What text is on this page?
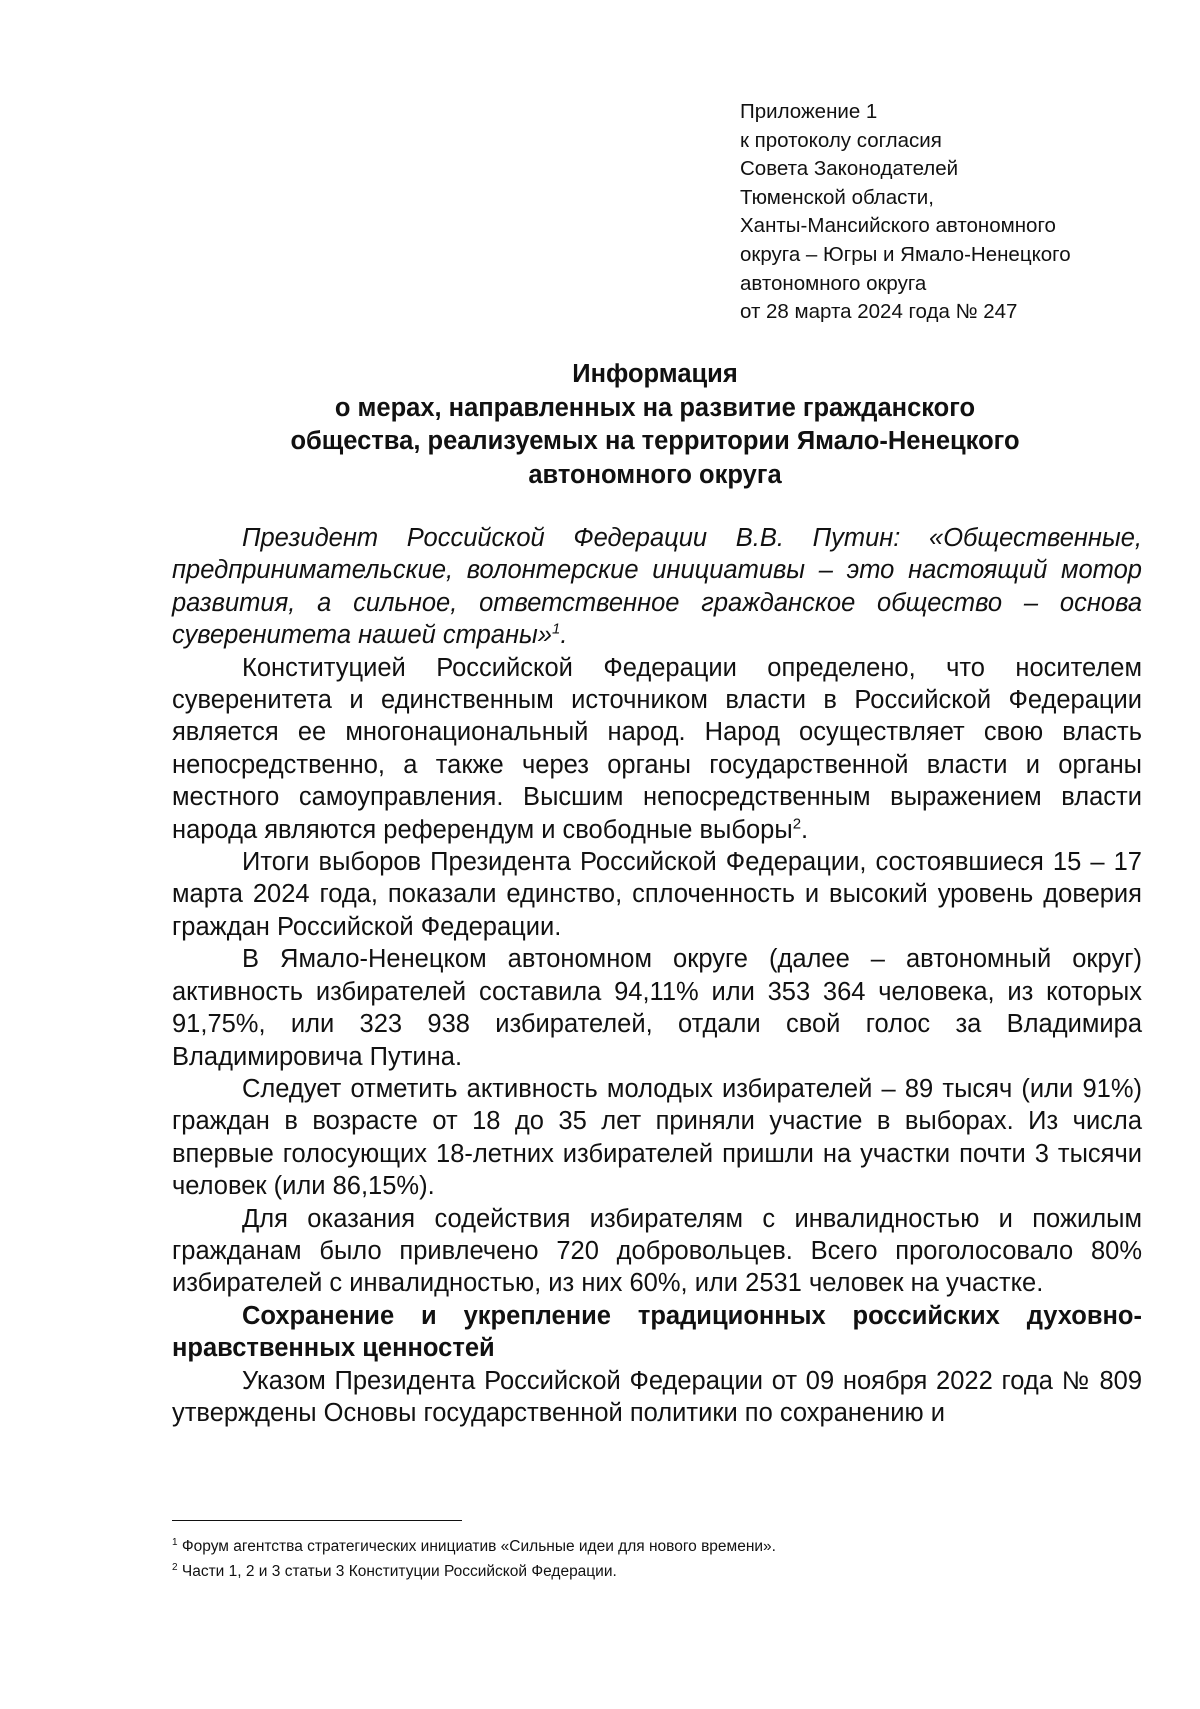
Приложение 1
к протоколу согласия
Совета Законодателей
Тюменской области,
Ханты-Мансийского автономного
округа – Югры и Ямало-Ненецкого
автономного округа
от 28 марта 2024 года № 247
Информация
о мерах, направленных на развитие гражданского
общества, реализуемых на территории Ямало-Ненецкого
автономного округа

Президент Российской Федерации В.В. Путин: «Общественные, предпринимательские, волонтерские инициативы – это настоящий мотор развития, а сильное, ответственное гражданское общество – основа суверенитета нашей страны»$^1$.

Конституцией Российской Федерации определено, что носителем суверенитета и единственным источником власти в Российской Федерации является ее многонациональный народ. Народ осуществляет свою власть непосредственно, а также через органы государственной власти и органы местного самоуправления. Высшим непосредственным выражением власти народа являются референдум и свободные выборы$^2$.

Итоги выборов Президента Российской Федерации, состоявшиеся 15 – 17 марта 2024 года, показали единство, сплоченность и высокий уровень доверия граждан Российской Федерации.

В Ямало-Ненецком автономном округе (далее – автономный округ) активность избирателей составила 94,11% или 353 364 человека, из которых 91,75%, или 323 938 избирателей, отдали свой голос за Владимира Владимировича Путина.

Следует отметить активность молодых избирателей – 89 тысяч (или 91%) граждан в возрасте от 18 до 35 лет приняли участие в выборах. Из числа впервые голосующих 18-летних избирателей пришли на участки почти 3 тысячи человек (или 86,15%).

Для оказания содействия избирателям с инвалидностью и пожилым гражданам было привлечено 720 добровольцев. Всего проголосовало 80% избирателей с инвалидностью, из них 60%, или 2531 человек на участке.

Сохранение и укрепление традиционных российских духовно-нравственных ценностей

Указом Президента Российской Федерации от 09 ноября 2022 года № 809 утверждены Основы государственной политики по сохранению и

$^1$ Форум агентства стратегических инициатив «Сильные идеи для нового времени».
$^2$ Части 1, 2 и 3 статьи 3 Конституции Российской Федерации.
